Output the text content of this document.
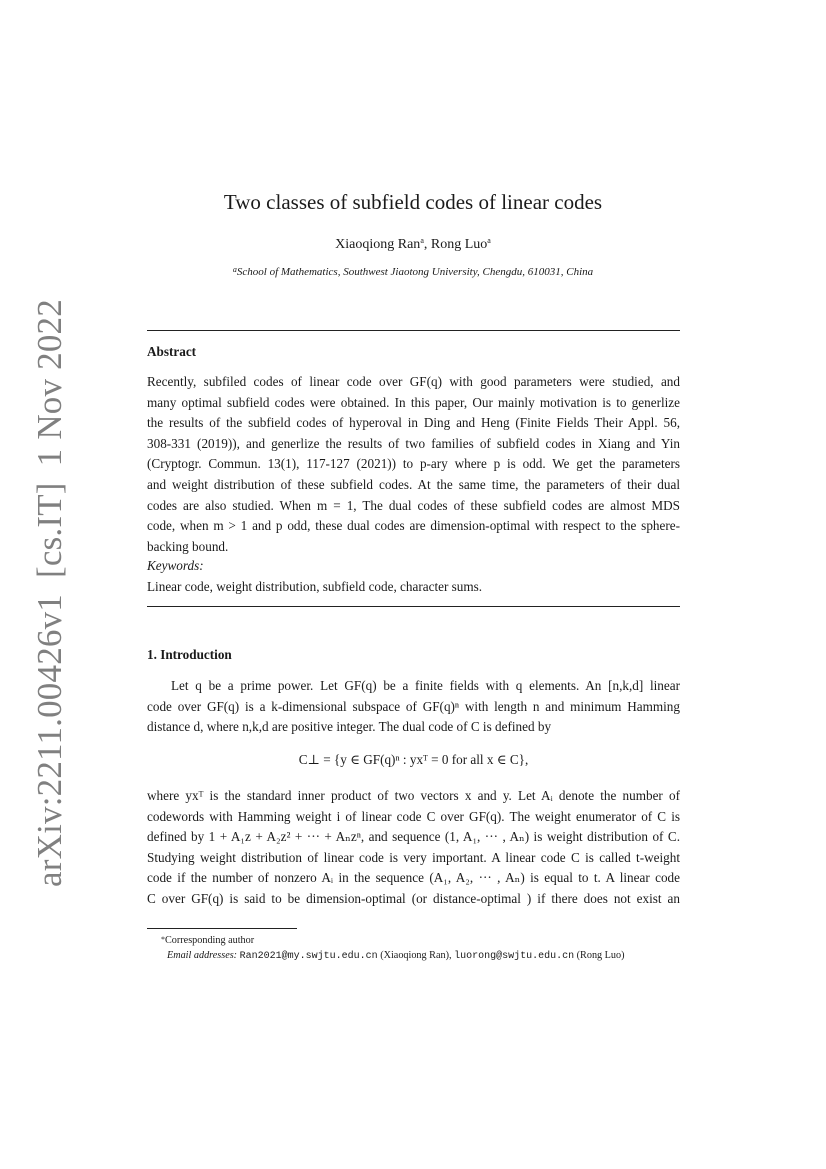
arXiv:2211.00426v1[cs.IT]1 Nov 2022
Two classes of subfield codes of linear codes
Xiaoqiong Ran$^a$, Rong Luo$^a$
$^a$School of Mathematics, Southwest Jiaotong University, Chengdu, 610031, China
Abstract
Recently, subfiled codes of linear code over GF(q) with good parameters were studied, and
many optimal subfield codes were obtained. In this paper, Our mainly motivation is to generlize
the results of the subfield codes of hyperoval in Ding and Heng (Finite Fields Their Appl. 56,
308-331 (2019)), and generlize the results of two families of subfield codes in Xiang and Yin
(Cryptogr. Commun. 13(1), 117-127 (2021)) to p-ary where p is odd. We get the parameters
and weight distribution of these subfield codes. At the same time, the parameters of their dual
codes are also studied. When m = 1, The dual codes of these subfield codes are almost MDS
code, when m > 1 and p odd, these dual codes are dimension-optimal with respect to the sphere-
backing bound.
Keywords:
Linear code, weight distribution, subfield code, character sums.
1. Introduction
Let q be a prime power. Let GF(q) be a finite fields with q elements. An [n,k,d] linear
code over GF(q) is a k-dimensional subspace of GF(q)ⁿ with length n and minimum Hamming
distance d, where n,k,d are positive integer. The dual code of C is defined by
C⊥ = {y ∈ GF(q)ⁿ : yxᵀ = 0 for all x ∈ C},
where yxᵀ is the standard inner product of two vectors x and y. Let Aᵢ denote the number of
codewords with Hamming weight i of linear code C over GF(q). The weight enumerator of C is
defined by 1 + A₁z + A₂z² + ··· + Aₙzⁿ, and sequence (1, A₁, ··· , Aₙ) is weight distribution of C.
Studying weight distribution of linear code is very important. A linear code C is called t-weight
code if the number of nonzero Aᵢ in the sequence (A₁, A₂, ··· , Aₙ) is equal to t. A linear code
C over GF(q) is said to be dimension-optimal (or distance-optimal ) if there does not exist an
*Corresponding author
Email addresses: Ran2021@my.swjtu.edu.cn (Xiaoqiong Ran), luorong@swjtu.edu.cn (Rong Luo)
